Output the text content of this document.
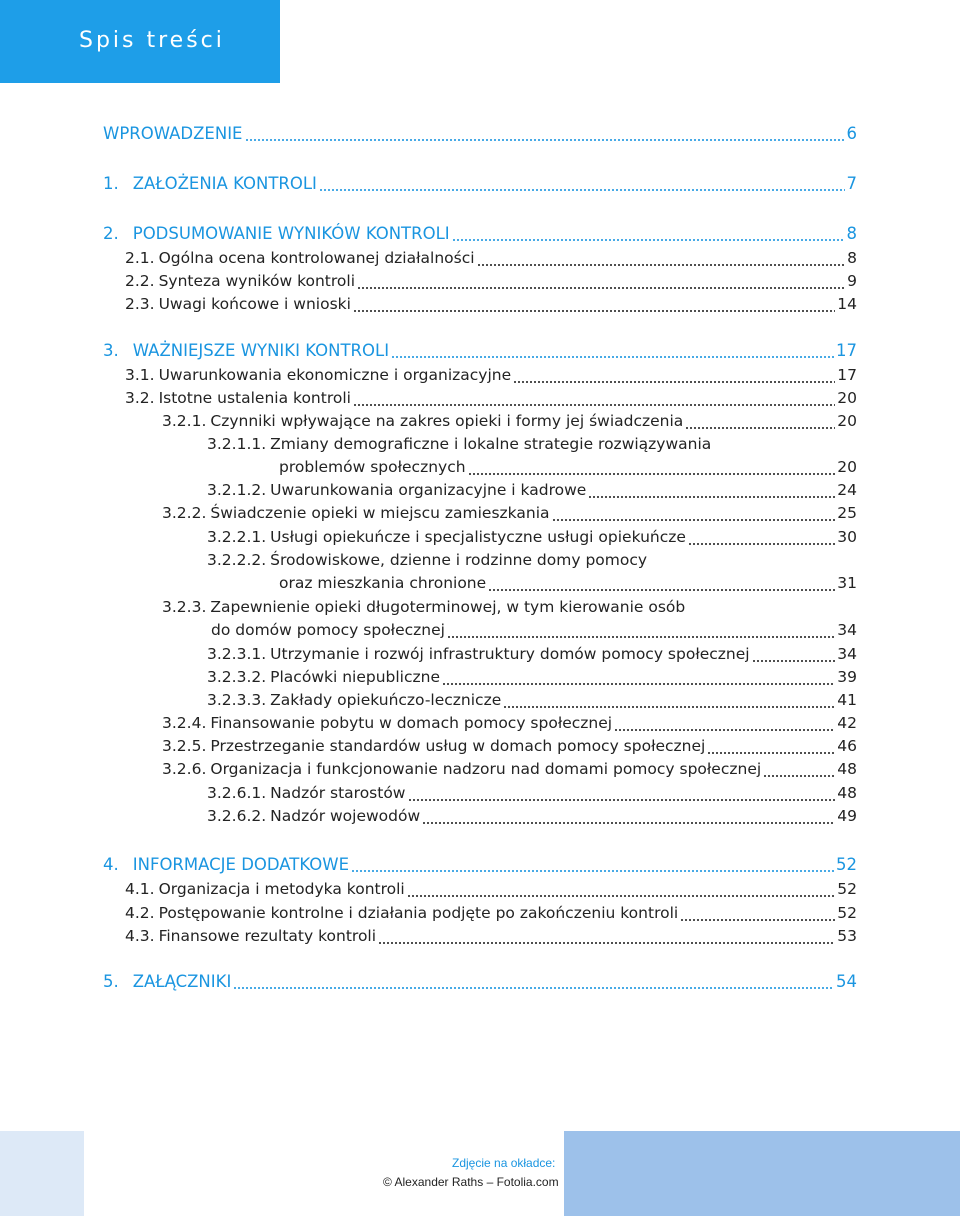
Spis treści
WPROWADZENIE	6
1. ZAŁOŻENIA KONTROLI	7
2. PODSUMOWANIE WYNIKÓW KONTROLI	8
2.1. Ogólna ocena kontrolowanej działalności	8
2.2. Synteza wyników kontroli	9
2.3. Uwagi końcowe i wnioski	14
3. WAŻNIEJSZE WYNIKI KONTROLI	17
3.1. Uwarunkowania ekonomiczne i organizacyjne	17
3.2. Istotne ustalenia kontroli	20
3.2.1. Czynniki wpływające na zakres opieki i formy jej świadczenia	20
3.2.1.1. Zmiany demograficzne i lokalne strategie rozwiązywania
problemów społecznych	20
3.2.1.2. Uwarunkowania organizacyjne i kadrowe	24
3.2.2. Świadczenie opieki w miejscu zamieszkania	25
3.2.2.1. Usługi opiekuńcze i specjalistyczne usługi opiekuńcze	30
3.2.2.2. Środowiskowe, dzienne i rodzinne domy pomocy
oraz mieszkania chronione	31
3.2.3. Zapewnienie opieki długoterminowej, w tym kierowanie osób
do domów pomocy społecznej	34
3.2.3.1. Utrzymanie i rozwój infrastruktury domów pomocy społecznej	34
3.2.3.2. Placówki niepubliczne	39
3.2.3.3. Zakłady opiekuńczo-lecznicze	41
3.2.4. Finansowanie pobytu w domach pomocy społecznej	42
3.2.5. Przestrzeganie standardów usług w domach pomocy społecznej	46
3.2.6. Organizacja i funkcjonowanie nadzoru nad domami pomocy społecznej	48
3.2.6.1. Nadzór starostów	48
3.2.6.2. Nadzór wojewodów	49
4. INFORMACJE DODATKOWE	52
4.1. Organizacja i metodyka kontroli	52
4.2. Postępowanie kontrolne i działania podjęte po zakończeniu kontroli	52
4.3. Finansowe rezultaty kontroli	53
5. ZAŁĄCZNIKI	54
Zdjęcie na okładce:
© Alexander Raths – Fotolia.com
